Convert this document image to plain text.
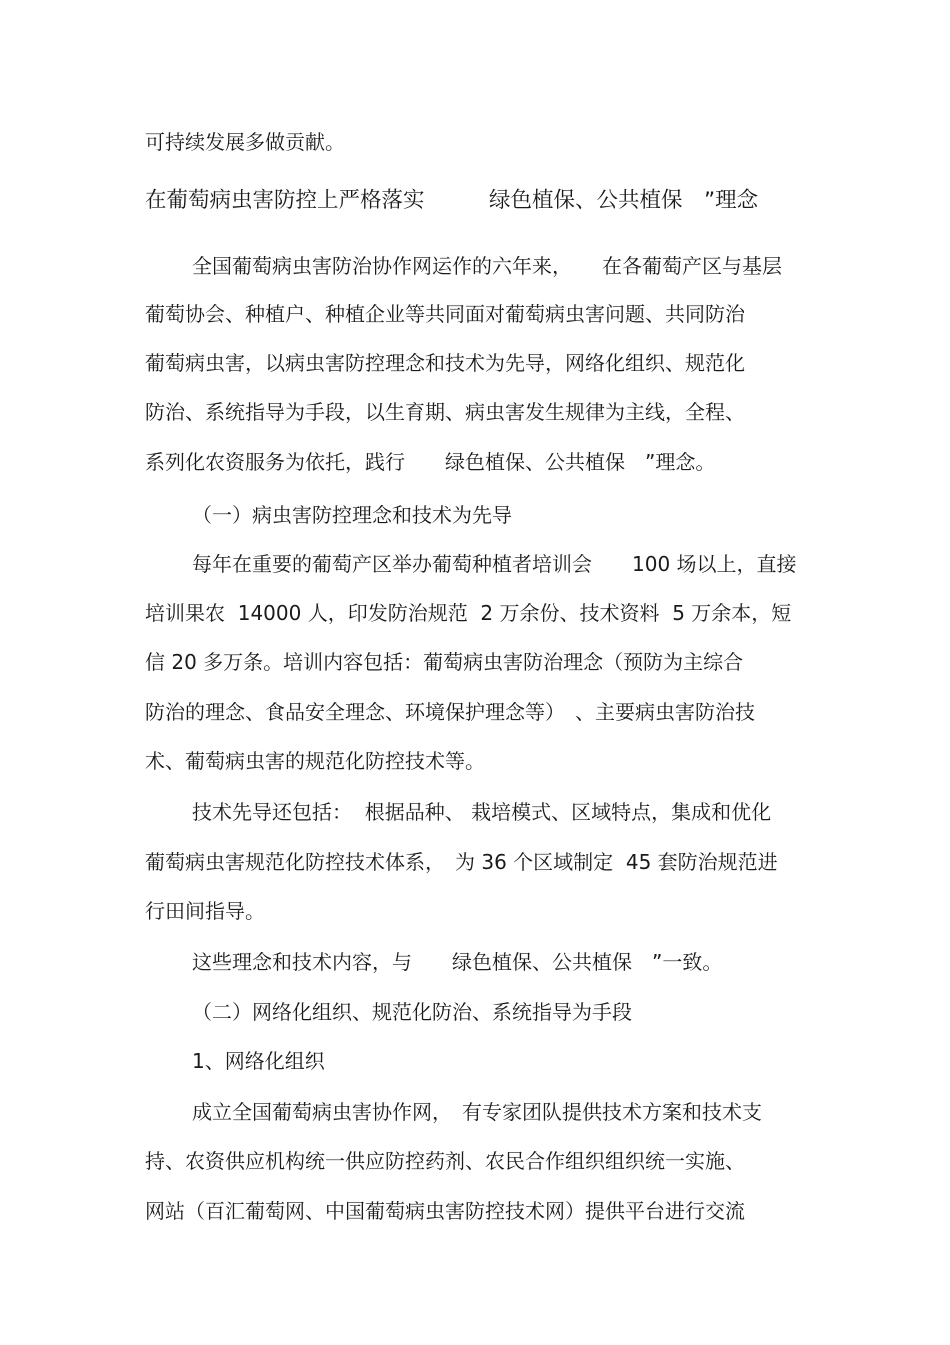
可持续发展多做贡献。
在葡萄病虫害防控上严格落实　　　绿色植保、公共植保　”理念
全国葡萄病虫害防治协作网运作的六年来，　　在各葡萄产区与基层
葡萄协会、种植户、种植企业等共同面对葡萄病虫害问题、共同防治
葡萄病虫害，以病虫害防控理念和技术为先导，网络化组织、规范化
防治、系统指导为手段，以生育期、病虫害发生规律为主线，全程、
系列化农资服务为依托，践行　　绿色植保、公共植保　”理念。
（一）病虫害防控理念和技术为先导
每年在重要的葡萄产区举办葡萄种植者培训会　　100 场以上，直接
培训果农  14000 人，印发防治规范  2 万余份、技术资料  5 万余本，短
信 20 多万条。培训内容包括：葡萄病虫害防治理念（预防为主综合
防治的理念、食品安全理念、环境保护理念等）　、主要病虫害防治技
术、葡萄病虫害的规范化防控技术等。
技术先导还包括：  根据品种、 栽培模式、区域特点，集成和优化
葡萄病虫害规范化防控技术体系，　为 36 个区域制定  45 套防治规范进
行田间指导。
这些理念和技术内容，与　　绿色植保、公共植保　”一致。
（二）网络化组织、规范化防治、系统指导为手段
1、网络化组织
成立全国葡萄病虫害协作网，　有专家团队提供技术方案和技术支
持、农资供应机构统一供应防控药剂、农民合作组织组织统一实施、
网站（百汇葡萄网、中国葡萄病虫害防控技术网）提供平台进行交流
